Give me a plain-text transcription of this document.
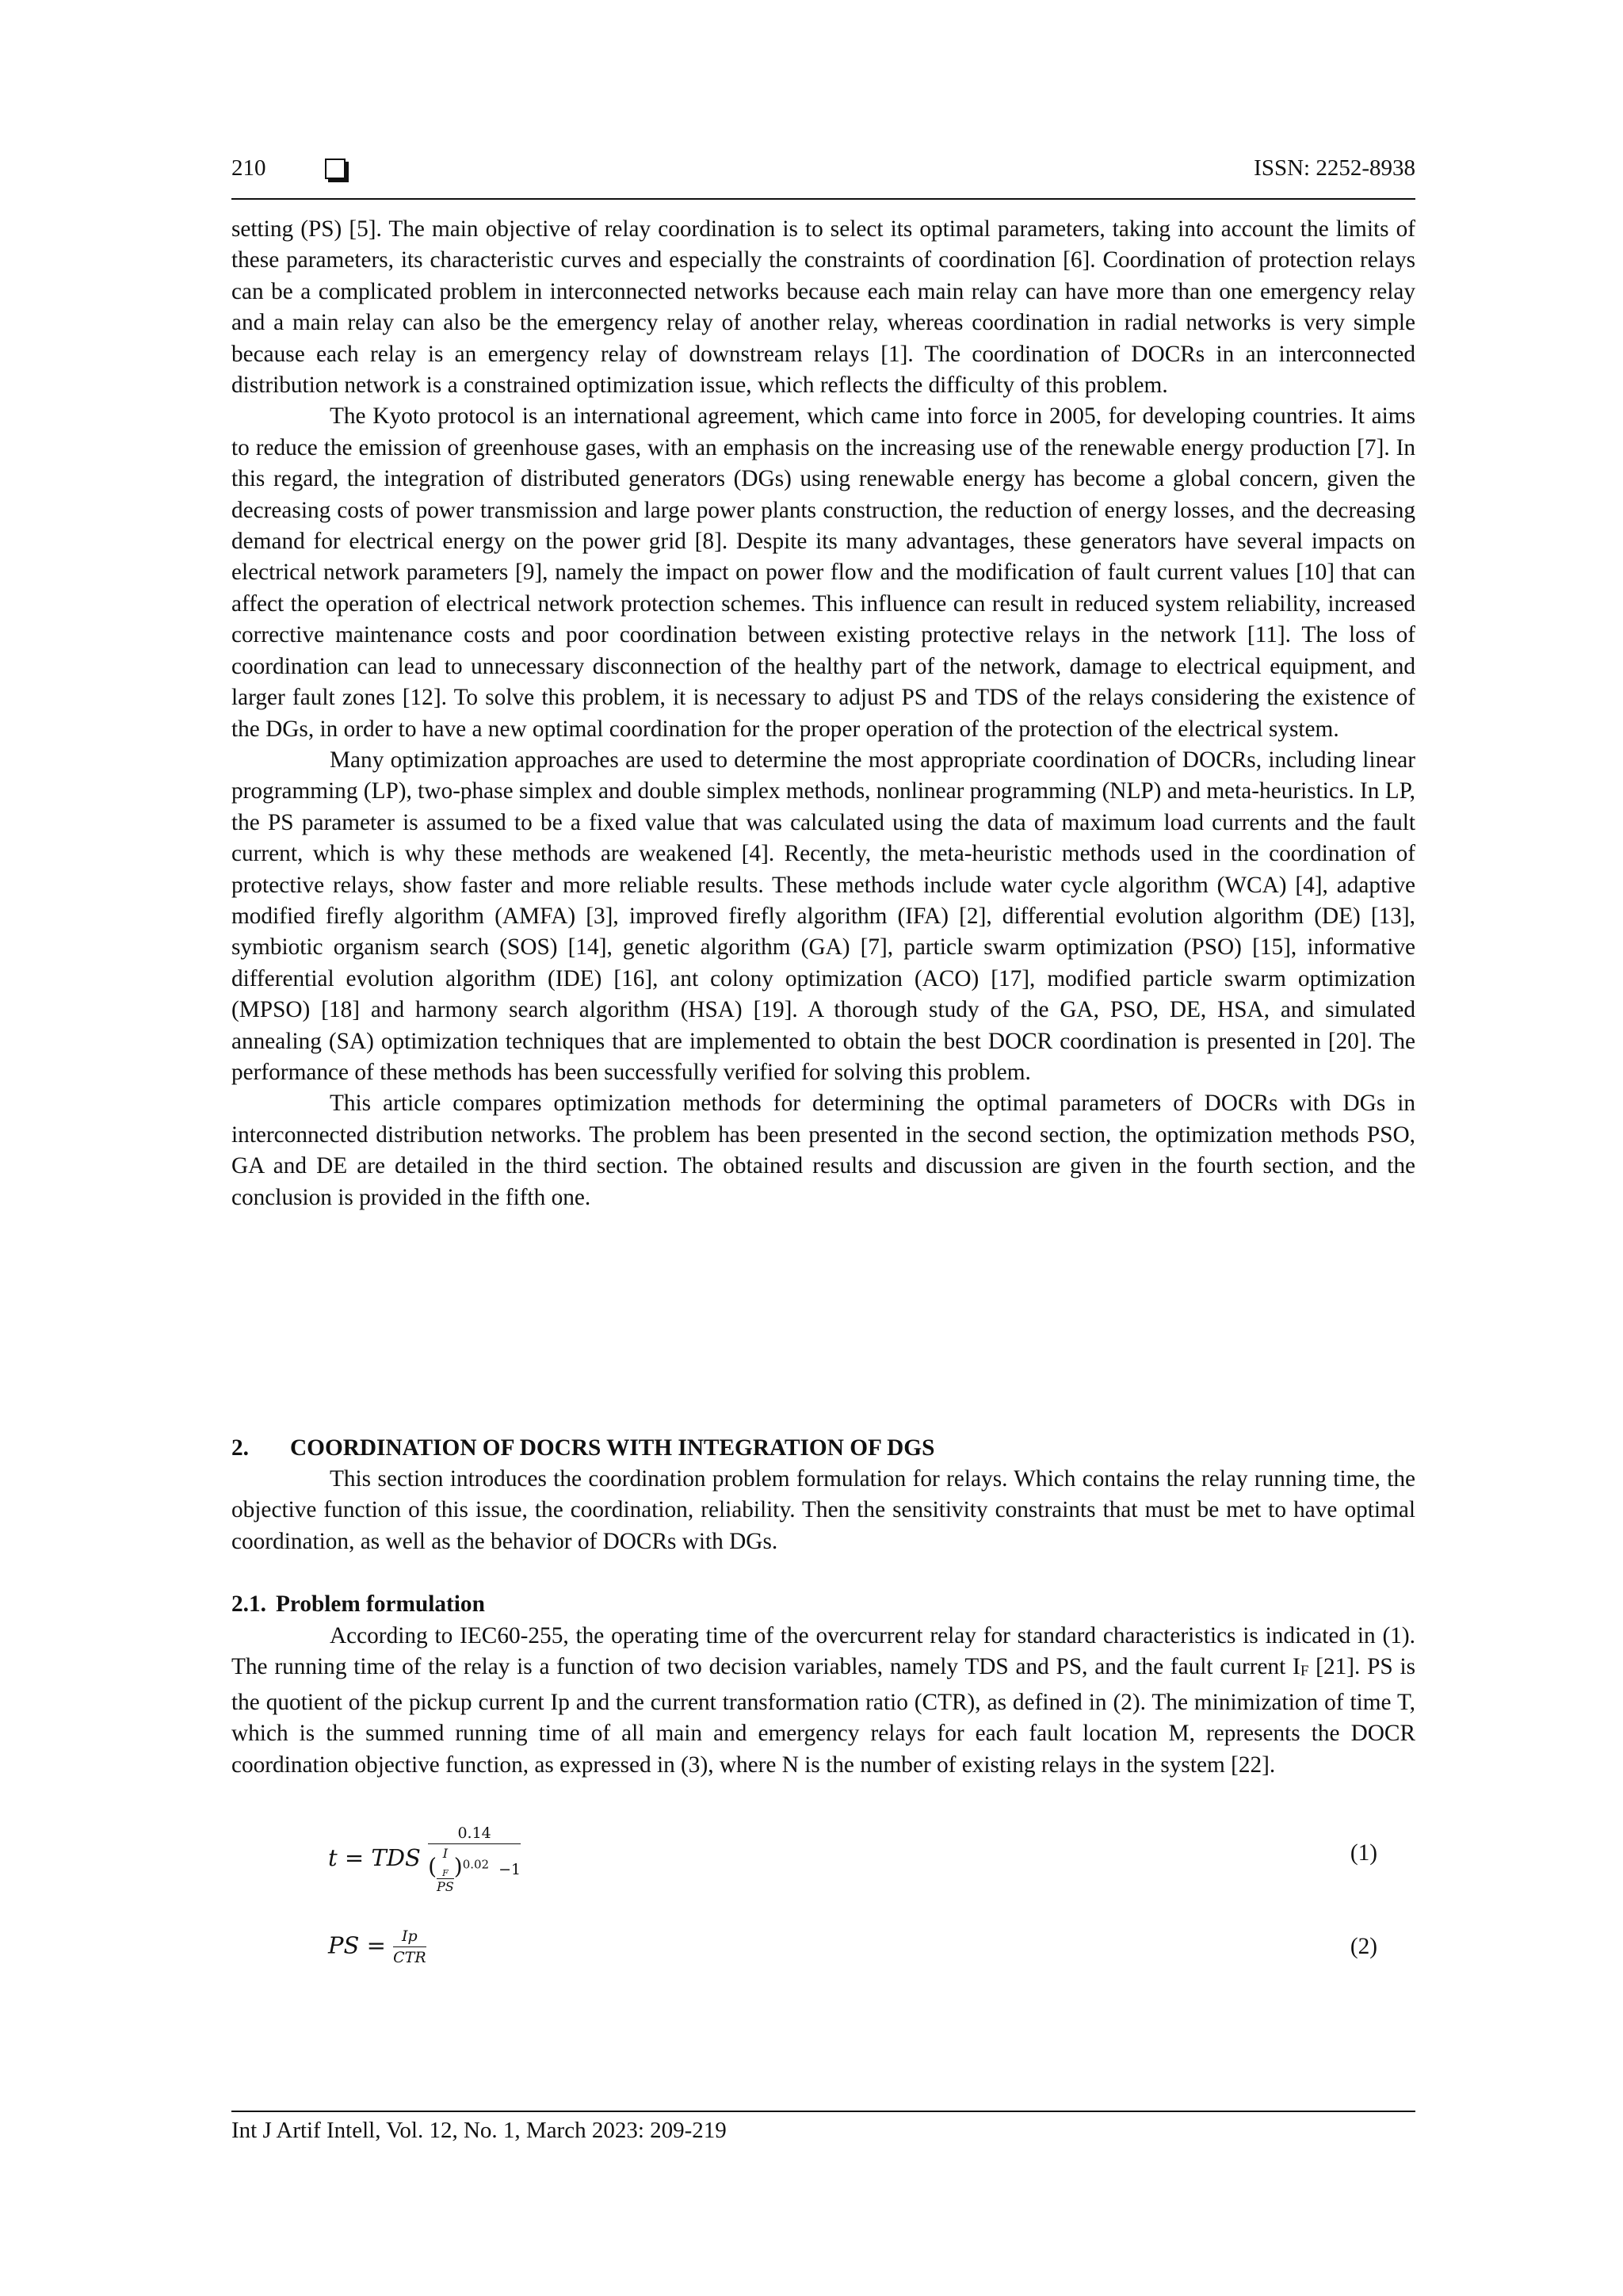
210	ISSN: 2252-8938

setting (PS) [5]. The main objective of relay coordination is to select its optimal parameters, taking into account the limits of these parameters, its characteristic curves and especially the constraints of coordination [6]. Coordination of protection relays can be a complicated problem in interconnected networks because each main relay can have more than one emergency relay and a main relay can also be the emergency relay of another relay, whereas coordination in radial networks is very simple because each relay is an emergency relay of downstream relays [1]. The coordination of DOCRs in an interconnected distribution network is a constrained optimization issue, which reflects the difficulty of this problem.

The Kyoto protocol is an international agreement, which came into force in 2005, for developing countries. It aims to reduce the emission of greenhouse gases, with an emphasis on the increasing use of the renewable energy production [7]. In this regard, the integration of distributed generators (DGs) using renewable energy has become a global concern, given the decreasing costs of power transmission and large power plants construction, the reduction of energy losses, and the decreasing demand for electrical energy on the power grid [8]. Despite its many advantages, these generators have several impacts on electrical network parameters [9], namely the impact on power flow and the modification of fault current values [10] that can affect the operation of electrical network protection schemes. This influence can result in reduced system reliability, increased corrective maintenance costs and poor coordination between existing protective relays in the network [11]. The loss of coordination can lead to unnecessary disconnection of the healthy part of the network, damage to electrical equipment, and larger fault zones [12]. To solve this problem, it is necessary to adjust PS and TDS of the relays considering the existence of the DGs, in order to have a new optimal coordination for the proper operation of the protection of the electrical system.

Many optimization approaches are used to determine the most appropriate coordination of DOCRs, including linear programming (LP), two-phase simplex and double simplex methods, nonlinear programming (NLP) and meta-heuristics. In LP, the PS parameter is assumed to be a fixed value that was calculated using the data of maximum load currents and the fault current, which is why these methods are weakened [4]. Recently, the meta-heuristic methods used in the coordination of protective relays, show faster and more reliable results. These methods include water cycle algorithm (WCA) [4], adaptive modified firefly algorithm (AMFA) [3], improved firefly algorithm (IFA) [2], differential evolution algorithm (DE) [13], symbiotic organism search (SOS) [14], genetic algorithm (GA) [7], particle swarm optimization (PSO) [15], informative differential evolution algorithm (IDE) [16], ant colony optimization (ACO) [17], modified particle swarm optimization (MPSO) [18] and harmony search algorithm (HSA) [19]. A thorough study of the GA, PSO, DE, HSA, and simulated annealing (SA) optimization techniques that are implemented to obtain the best DOCR coordination is presented in [20]. The performance of these methods has been successfully verified for solving this problem.

This article compares optimization methods for determining the optimal parameters of DOCRs with DGs in interconnected distribution networks. The problem has been presented in the second section, the optimization methods PSO, GA and DE are detailed in the third section. The obtained results and discussion are given in the fourth section, and the conclusion is provided in the fifth one.

2. COORDINATION OF DOCRS WITH INTEGRATION OF DGS

This section introduces the coordination problem formulation for relays. Which contains the relay running time, the objective function of this issue, the coordination, reliability. Then the sensitivity constraints that must be met to have optimal coordination, as well as the behavior of DOCRs with DGs.

2.1. Problem formulation

According to IEC60-255, the operating time of the overcurrent relay for standard characteristics is indicated in (1). The running time of the relay is a function of two decision variables, namely TDS and PS, and the fault current $I_F$ [21]. PS is the quotient of the pickup current Ip and the current transformation ratio (CTR), as defined in (2). The minimization of time T, which is the summed running time of all main and emergency relays for each fault location M, represents the DOCR coordination objective function, as expressed in (3), where N is the number of existing relays in the system [22].

t = TDS 0.14
( I
$_F$
PS )$^{0.02}$ −1	(1)
PS = $\frac{Ip}{\text{CTR}}$	(2)
Int J Artif Intell, Vol. 12, No. 1, March 2023: 209-219
